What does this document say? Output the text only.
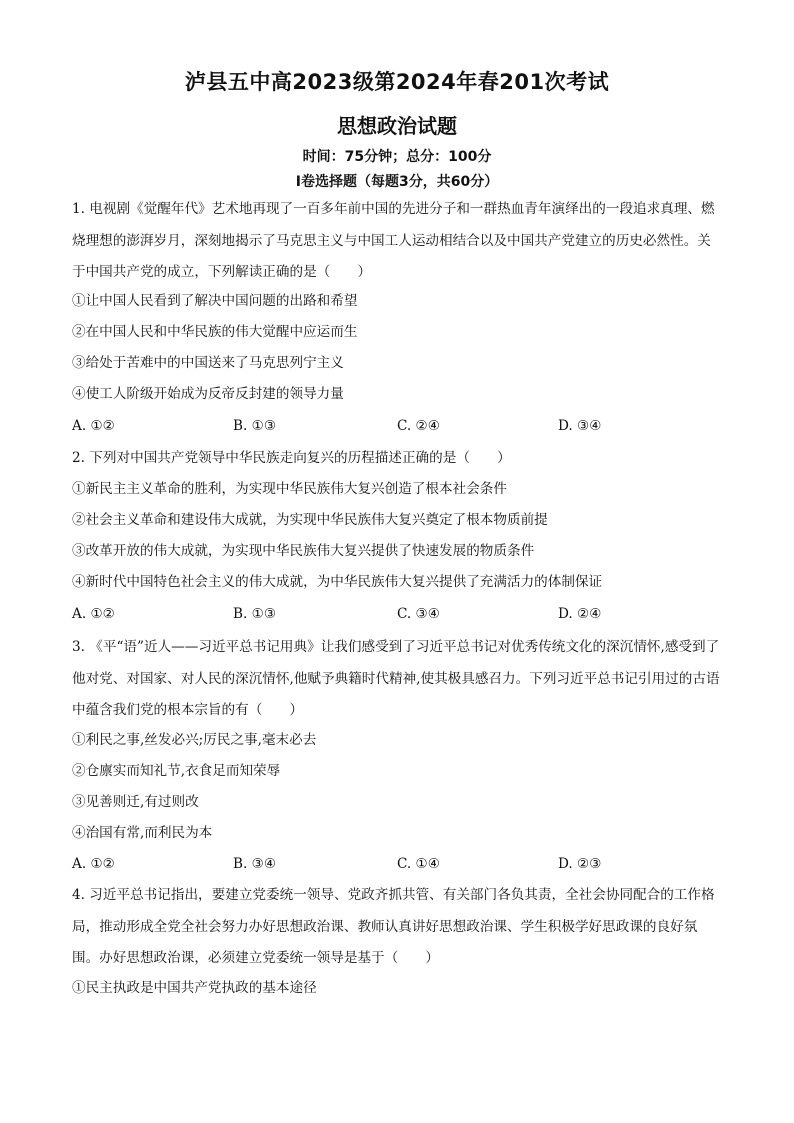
泸县五中高2023级第2024年春201次考试
思想政治试题
时间：75分钟；总分：100分
I卷选择题（每题3分，共60分）

1. 电视剧《觉醒年代》艺术地再现了一百多年前中国的先进分子和一群热血青年演绎出的一段追求真理、燃烧理想的澎湃岁月，深刻地揭示了马克思主义与中国工人运动相结合以及中国共产党建立的历史必然性。关于中国共产党的成立，下列解读正确的是（　　）

①让中国人民看到了解决中国问题的出路和希望
②在中国人民和中华民族的伟大觉醒中应运而生
③给处于苦难中的中国送来了马克思列宁主义
④使工人阶级开始成为反帝反封建的领导力量
A. ①②	B. ①③	C. ②④	D. ③④
2. 下列对中国共产党领导中华民族走向复兴的历程描述正确的是（　　）
①新民主主义革命的胜利，为实现中华民族伟大复兴创造了根本社会条件
②社会主义革命和建设伟大成就，为实现中华民族伟大复兴奠定了根本物质前提
③改革开放的伟大成就，为实现中华民族伟大复兴提供了快速发展的物质条件
④新时代中国特色社会主义的伟大成就，为中华民族伟大复兴提供了充满活力的体制保证
A. ①②	B. ①③	C. ③④	D. ②④

3. 《平“语”近人——习近平总书记用典》让我们感受到了习近平总书记对优秀传统文化的深沉情怀,感受到了他对党、对国家、对人民的深沉情怀,他赋予典籍时代精神,使其极具感召力。下列习近平总书记引用过的古语中蕴含我们党的根本宗旨的有（　　）

①利民之事,丝发必兴;厉民之事,毫末必去
②仓廪实而知礼节,衣食足而知荣辱
③见善则迁,有过则改
④治国有常,而利民为本
A. ①②	B. ③④	C. ①④	D. ②③

4. 习近平总书记指出，要建立党委统一领导、党政齐抓共管、有关部门各负其责，全社会协同配合的工作格局，推动形成全党全社会努力办好思想政治课、教师认真讲好思想政治课、学生积极学好思政课的良好氛围。办好思想政治课，必须建立党委统一领导是基于（　　）

①民主执政是中国共产党执政的基本途径
